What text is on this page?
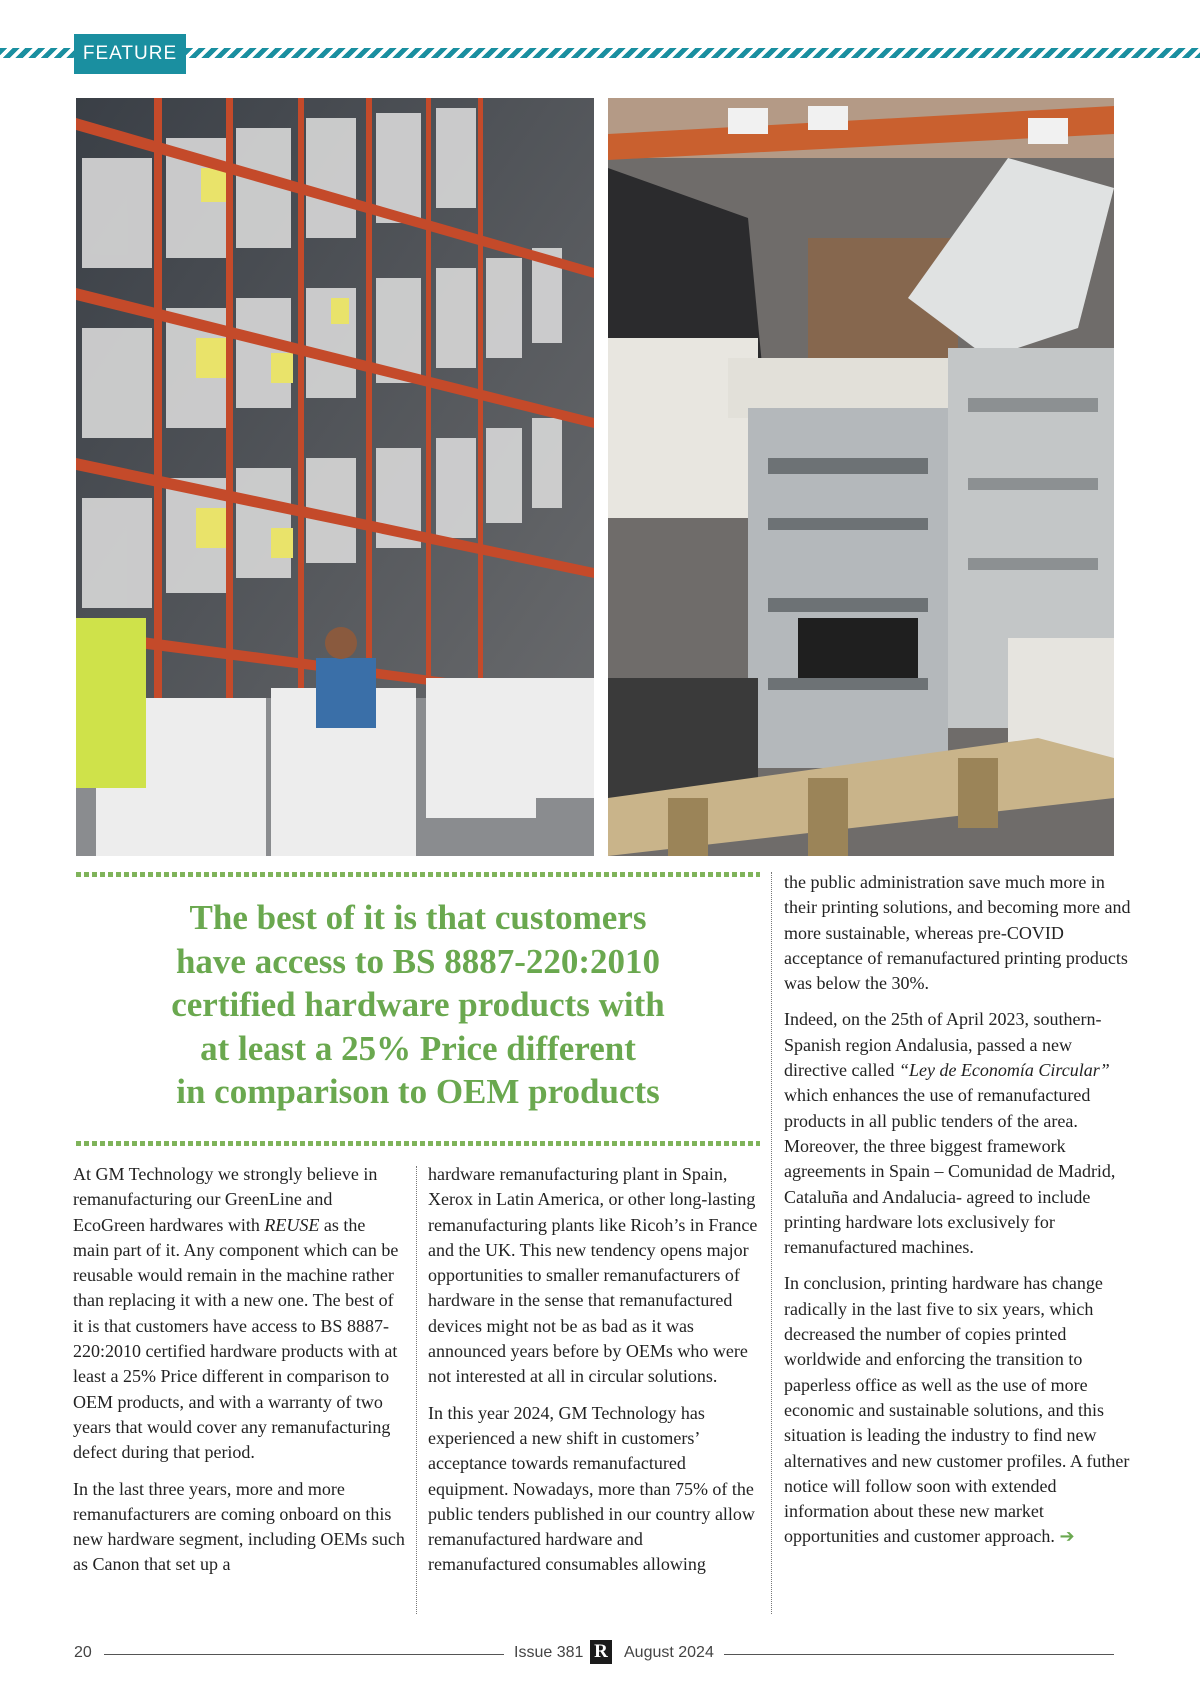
FEATURE
The best of it is that customers
have access to BS 8887-220:2010
certified hardware products with
at least a 25% Price different
in comparison to OEM products

At GM Technology we strongly believe in remanufacturing our GreenLine and EcoGreen hardwares with REUSE as the main part of it. Any component which can be reusable would remain in the machine rather than replacing it with a new one. The best of it is that customers have access to BS 8887-220:2010 certified hardware products with at least a 25% Price different in comparison to OEM products, and with a warranty of two years that would cover any remanufacturing defect during that period.

In the last three years, more and more remanufacturers are coming onboard on this new hardware segment, including OEMs such as Canon that set up a

hardware remanufacturing plant in Spain, Xerox in Latin America, or other long-lasting remanufacturing plants like Ricoh’s in France and the UK. This new tendency opens major opportunities to smaller remanufacturers of hardware in the sense that remanufactured devices might not be as bad as it was announced years before by OEMs who were not interested at all in circular solutions.

In this year 2024, GM Technology has experienced a new shift in customers’ acceptance towards remanufactured equipment. Nowadays, more than 75% of the public tenders published in our country allow remanufactured hardware and remanufactured consumables allowing

the public administration save much more in their printing solutions, and becoming more and more sustainable, whereas pre-COVID acceptance of remanufactured printing products was below the 30%.

Indeed, on the 25th of April 2023, southern-Spanish region Andalusia, passed a new directive called “Ley de Economía Circular” which enhances the use of remanufactured products in all public tenders of the area. Moreover, the three biggest framework agreements in Spain – Comunidad de Madrid, Cataluña and Andalucia- agreed to include printing hardware lots exclusively for remanufactured machines.

In conclusion, printing hardware has change radically in the last five to six years, which decreased the number of copies printed worldwide and enforcing the transition to paperless office as well as the use of more economic and sustainable solutions, and this situation is leading the industry to find new alternatives and new customer profiles. A futher notice will follow soon with extended information about these new market opportunities and customer approach. ➔

20	Issue 381 R August 2024
